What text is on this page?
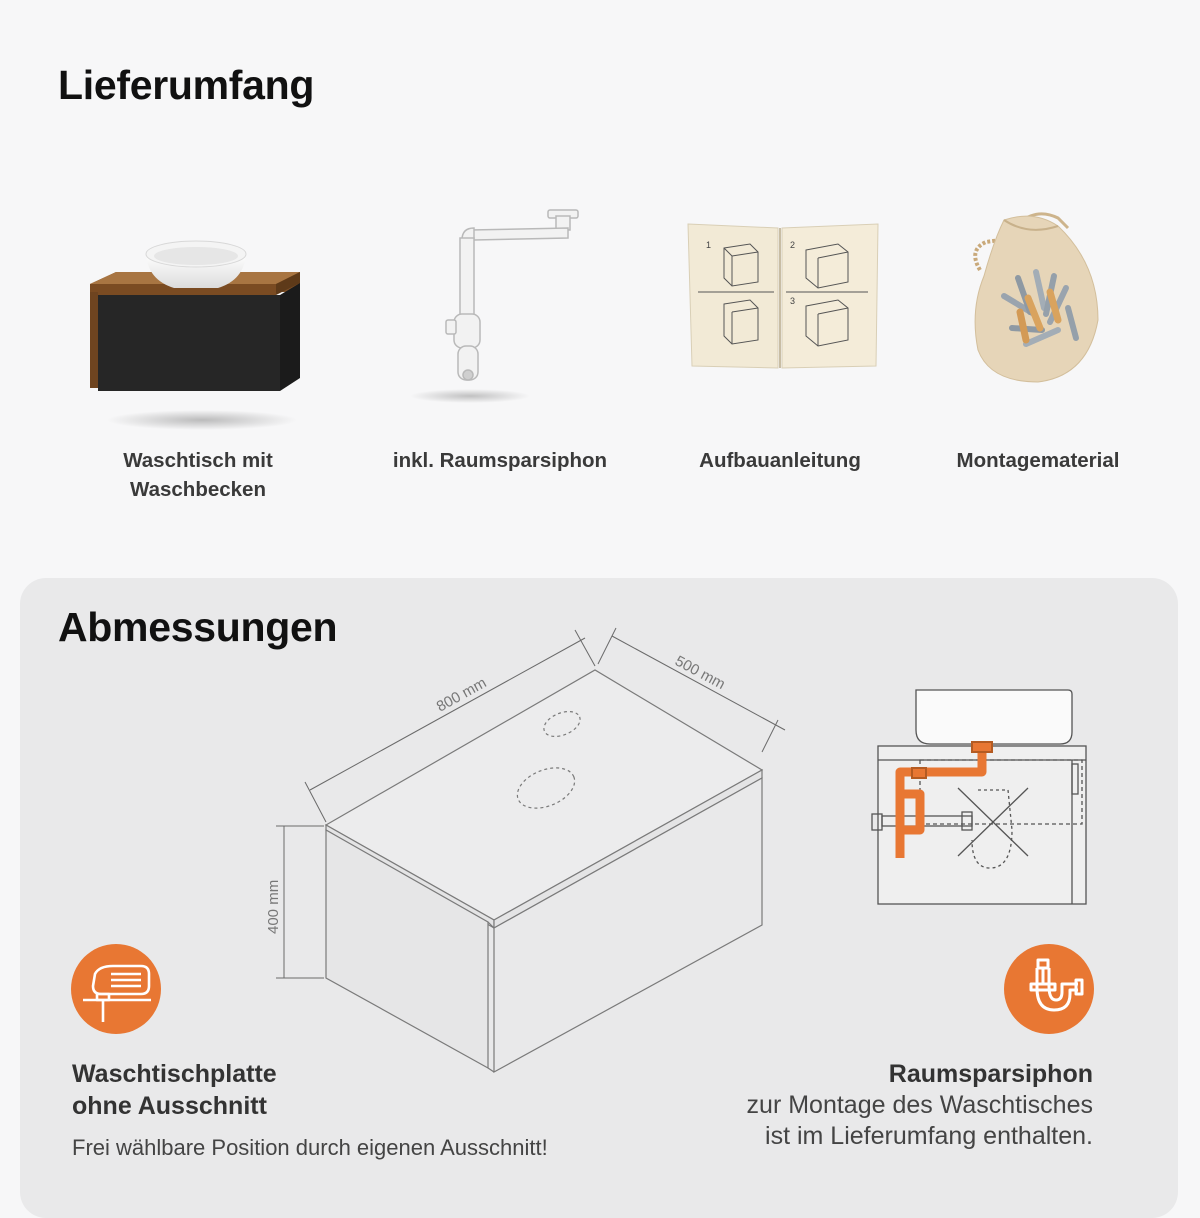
Lieferumfang
Waschtisch mit
Waschbecken
inkl. Raumsparsiphon
1	2
3
Aufbauanleitung	Montagematerial
Abmessungen
800 mm
500 mm
400 mm
Waschtischplatte
ohne Ausschnitt
Frei wählbare Position durch eigenen Ausschnitt!
Raumsparsiphon
zur Montage des Waschtisches
ist im Lieferumfang enthalten.
